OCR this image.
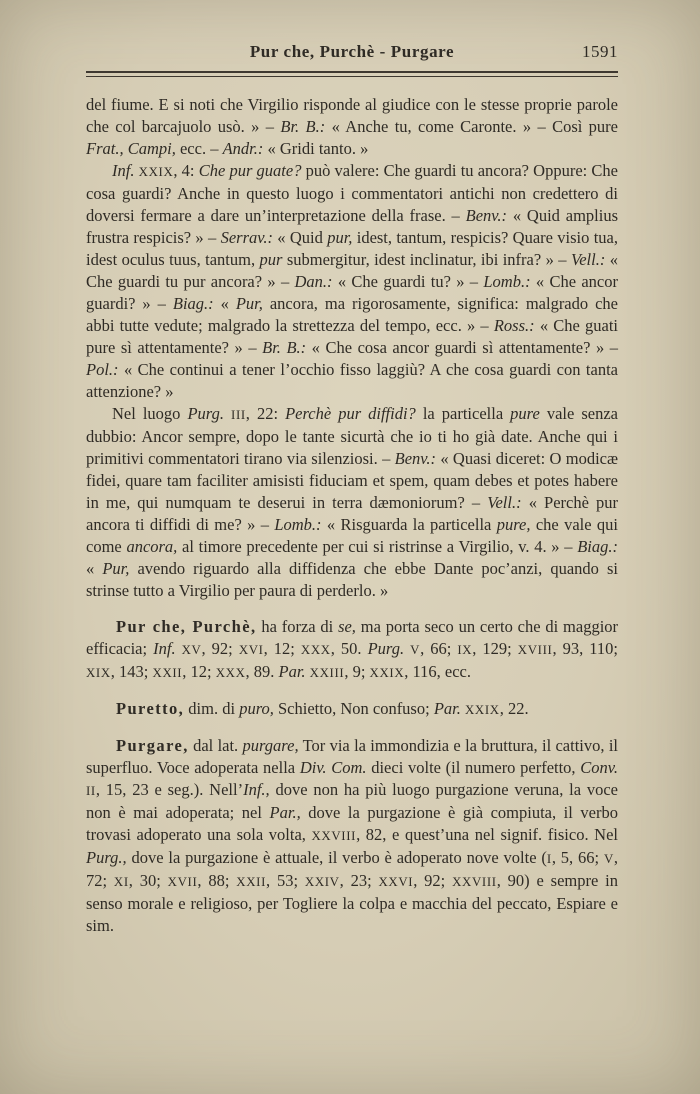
Pur che, Purchè - Purgare	1591

del fiume. E si noti che Virgilio risponde al giudice con le stesse proprie parole che col barcajuolo usò. » – Br. B.: « Anche tu, come Caronte. » – Così pure Frat., Campi, ecc. – Andr.: « Gridi tanto. »

Inf. XXIX, 4: Che pur guate? può valere: Che guardi tu ancora? Oppure: Che cosa guardi? Anche in questo luogo i commentatori antichi non credettero di doversi fermare a dare un’interpretazione della frase. – Benv.: « Quid amplius frustra respicis? » – Serrav.: « Quid pur, idest, tantum, respicis? Quare visio tua, idest oculus tuus, tantum, pur submergitur, idest inclinatur, ibi infra? » – Vell.: « Che guardi tu pur ancora? » – Dan.: « Che guardi tu? » – Lomb.: « Che ancor guardi? » – Biag.: « Pur, ancora, ma rigorosamente, significa: malgrado che abbi tutte vedute; malgrado la strettezza del tempo, ecc. » – Ross.: « Che guati pure sì attentamente? » – Br. B.: « Che cosa ancor guardi sì attentamente? » – Pol.: « Che continui a tener l’occhio fisso laggiù? A che cosa guardi con tanta attenzione? »

Nel luogo Purg. III, 22: Perchè pur diffidi? la particella pure vale senza dubbio: Ancor sempre, dopo le tante sicurtà che io ti ho già date. Anche qui i primitivi commentatori tirano via silenziosi. – Benv.: « Quasi diceret: O modicæ fidei, quare tam faciliter amisisti fiduciam et spem, quam debes et potes habere in me, qui numquam te deserui in terra dæmoniorum? – Vell.: « Perchè pur ancora ti diffidi di me? » – Lomb.: « Risguarda la particella pure, che vale qui come ancora, al timore precedente per cui si ristrinse a Virgilio, v. 4. » – Biag.: « Pur, avendo riguardo alla diffidenza che ebbe Dante poc’anzi, quando si strinse tutto a Virgilio per paura di perderlo. »

Pur che, Purchè, ha forza di se, ma porta seco un certo che di maggior efficacia; Inf. XV, 92; XVI, 12; XXX, 50. Purg. V, 66; IX, 129; XVIII, 93, 110; XIX, 143; XXII, 12; XXX, 89. Par. XXIII, 9; XXIX, 116, ecc.

Puretto, dim. di puro, Schietto, Non confuso; Par. XXIX, 22.

Purgare, dal lat. purgare, Tor via la immondizia e la bruttura, il cattivo, il superfluo. Voce adoperata nella Div. Com. dieci volte (il numero perfetto, Conv. II, 15, 23 e seg.). Nell’Inf., dove non ha più luogo purgazione veruna, la voce non è mai adoperata; nel Par., dove la purgazione è già compiuta, il verbo trovasi adoperato una sola volta, XXVIII, 82, e quest’una nel signif. fisico. Nel Purg., dove la purgazione è attuale, il verbo è adoperato nove volte (I, 5, 66; V, 72; XI, 30; XVII, 88; XXII, 53; XXIV, 23; XXVI, 92; XXVIII, 90) e sempre in senso morale e religioso, per Togliere la colpa e macchia del peccato, Espiare e sim.
